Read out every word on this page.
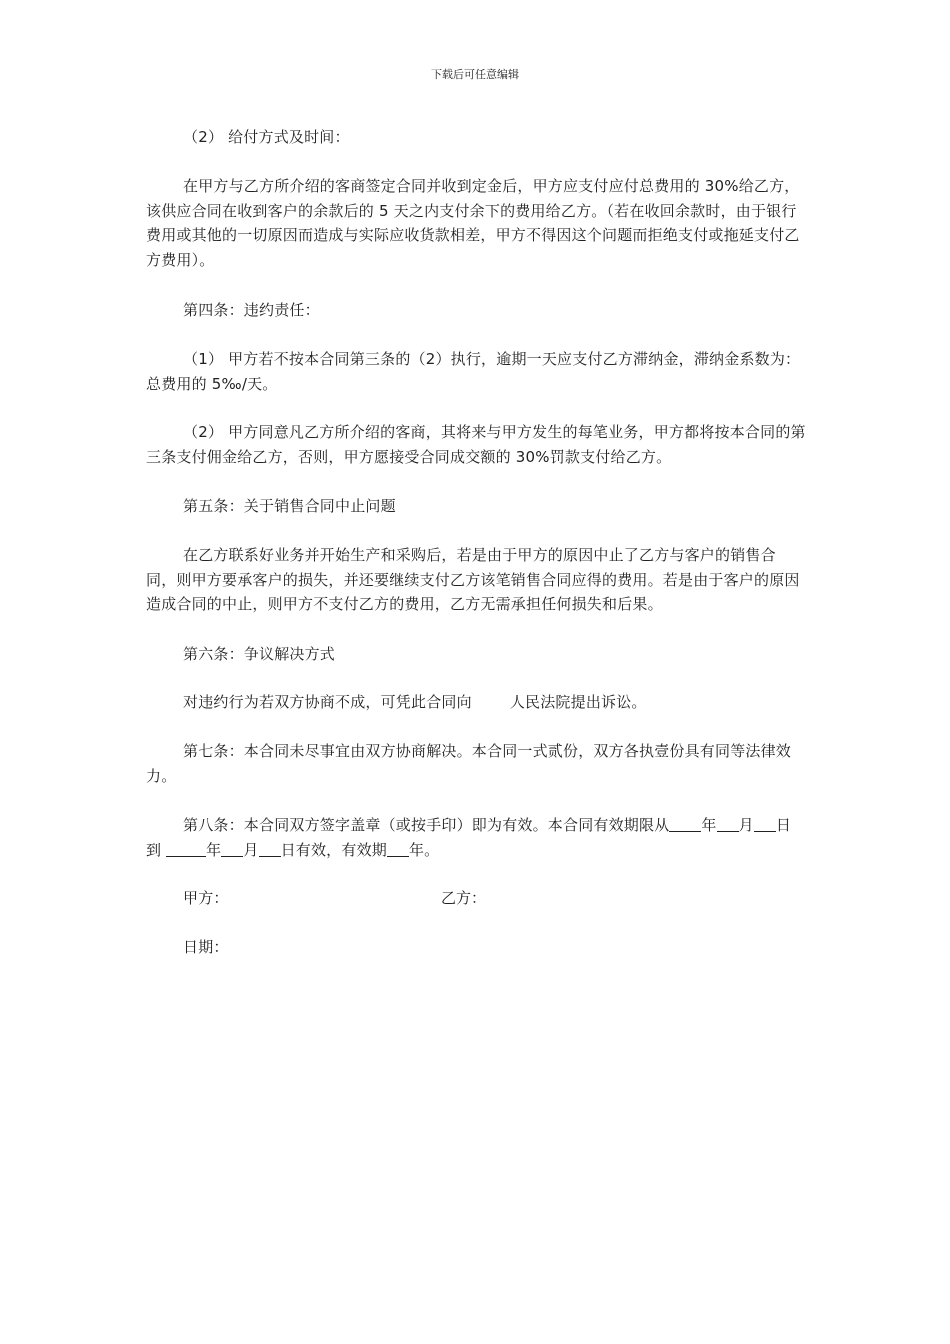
下载后可任意编辑

（2） 给付方式及时间：

在甲方与乙方所介绍的客商签定合同并收到定金后，甲方应支付应付总费用的 30%给乙方，该供应合同在收到客户的余款后的 5 天之内支付余下的费用给乙方。（若在收回余款时，由于银行费用或其他的一切原因而造成与实际应收货款相差，甲方不得因这个问题而拒绝支付或拖延支付乙方费用）。

第四条：违约责任：

（1） 甲方若不按本合同第三条的（2）执行，逾期一天应支付乙方滞纳金，滞纳金系数为：总费用的 5‰/天。

（2） 甲方同意凡乙方所介绍的客商，其将来与甲方发生的每笔业务，甲方都将按本合同的第三条支付佣金给乙方，否则，甲方愿接受合同成交额的 30%罚款支付给乙方。

第五条：关于销售合同中止问题

在乙方联系好业务并开始生产和采购后，若是由于甲方的原因中止了乙方与客户的销售合同，则甲方要承客户的损失，并还要继续支付乙方该笔销售合同应得的费用。若是由于客户的原因造成合同的中止，则甲方不支付乙方的费用，乙方无需承担任何损失和后果。

第六条：争议解决方式

对违约行为若双方协商不成，可凭此合同向	人民法院提出诉讼。

第七条：本合同未尽事宜由双方协商解决。本合同一式贰份，双方各执壹份具有同等法律效力。

第八条：本合同双方签字盖章（或按手印）即为有效。本合同有效期限从 年 月 日 到	年 月 日有效，有效期 年。

甲方：	乙方：

日期：
